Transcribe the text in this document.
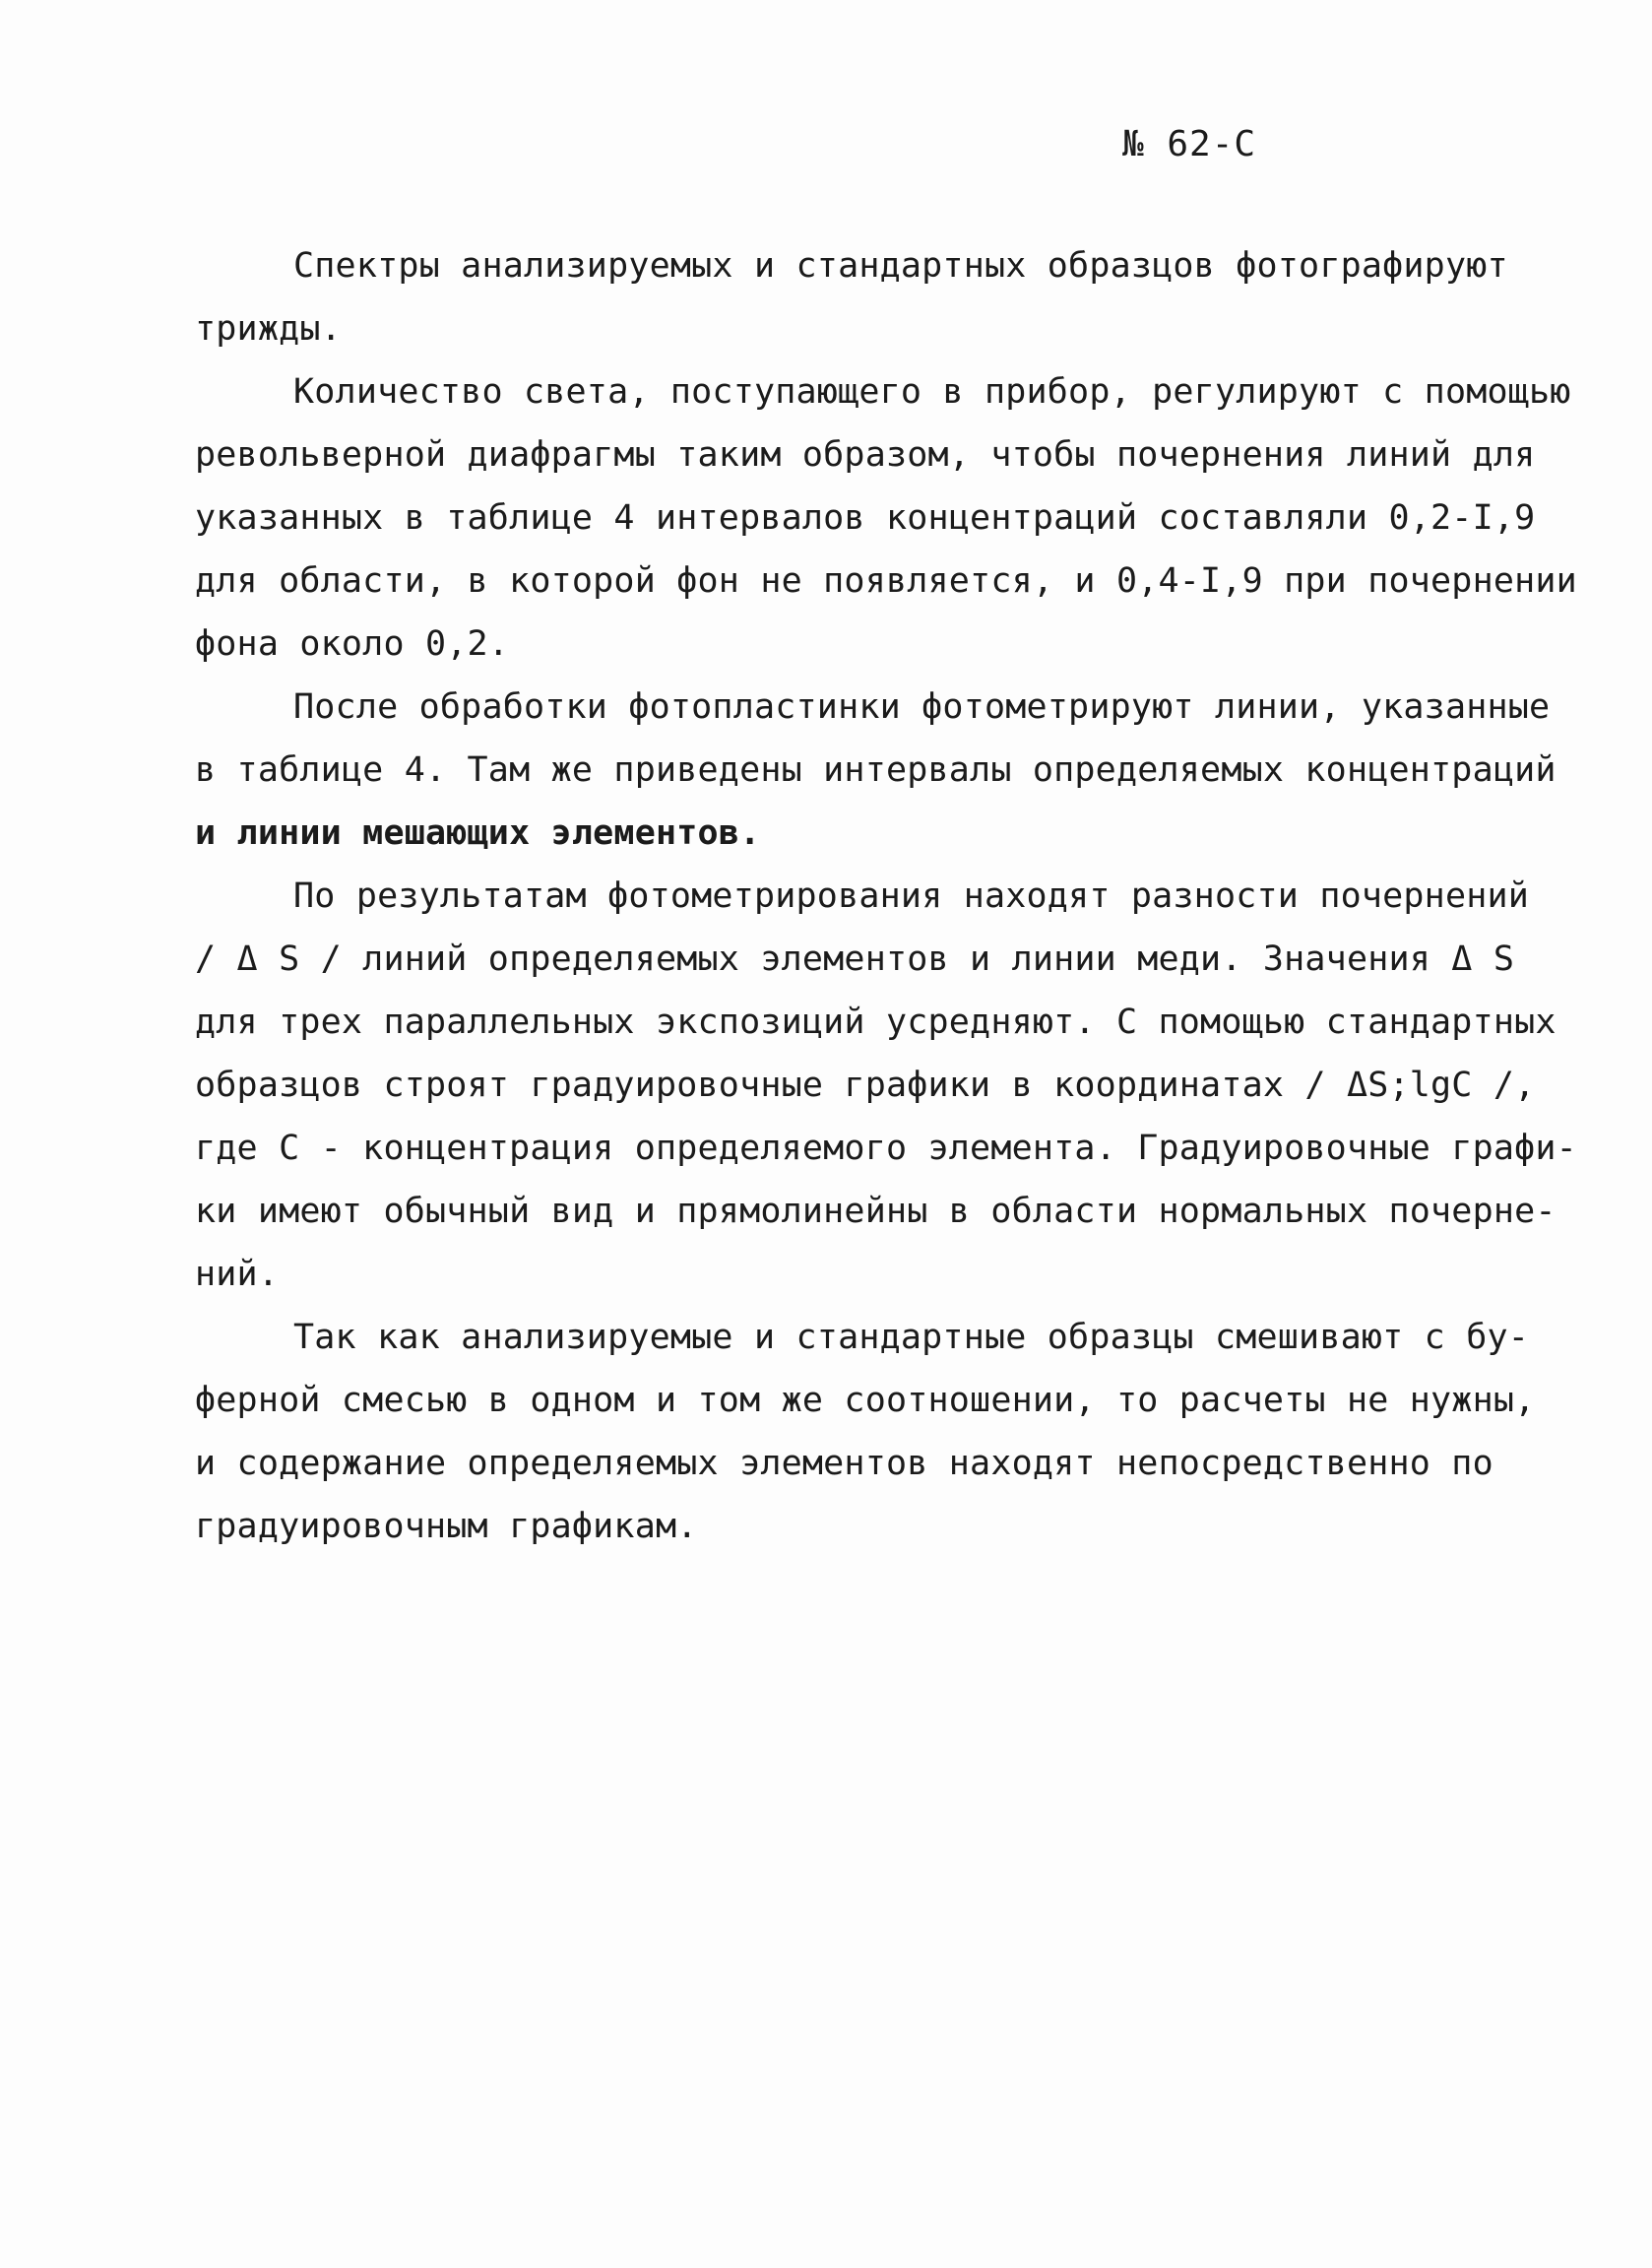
№ 62-С
Спектры анализируемых и стандартных образцов фотографируют
трижды.
Количество света, поступающего в прибор, регулируют с помощью
револьверной диафрагмы таким образом, чтобы почернения линий для
указанных в таблице 4 интервалов концентраций составляли 0,2-I,9
для области, в которой фон не появляется, и 0,4-I,9 при почернении
фона около 0,2.
После обработки фотопластинки фотометрируют линии, указанные
в таблице 4. Там же приведены интервалы определяемых концентраций
и линии мешающих элементов.
По результатам фотометрирования находят разности почернений
/ Δ S / линий определяемых элементов и линии меди. Значения Δ S
для трех параллельных экспозиций усредняют. С помощью стандартных
образцов строят градуировочные графики в координатах / ΔS;lgC /,
где С - концентрация определяемого элемента. Градуировочные графи-
ки имеют обычный вид и прямолинейны в области нормальных почерне-
ний.
Так как анализируемые и стандартные образцы смешивают с бу-
ферной смесью в одном и том же соотношении, то расчеты не нужны,
и содержание определяемых элементов находят непосредственно по
градуировочным графикам.
